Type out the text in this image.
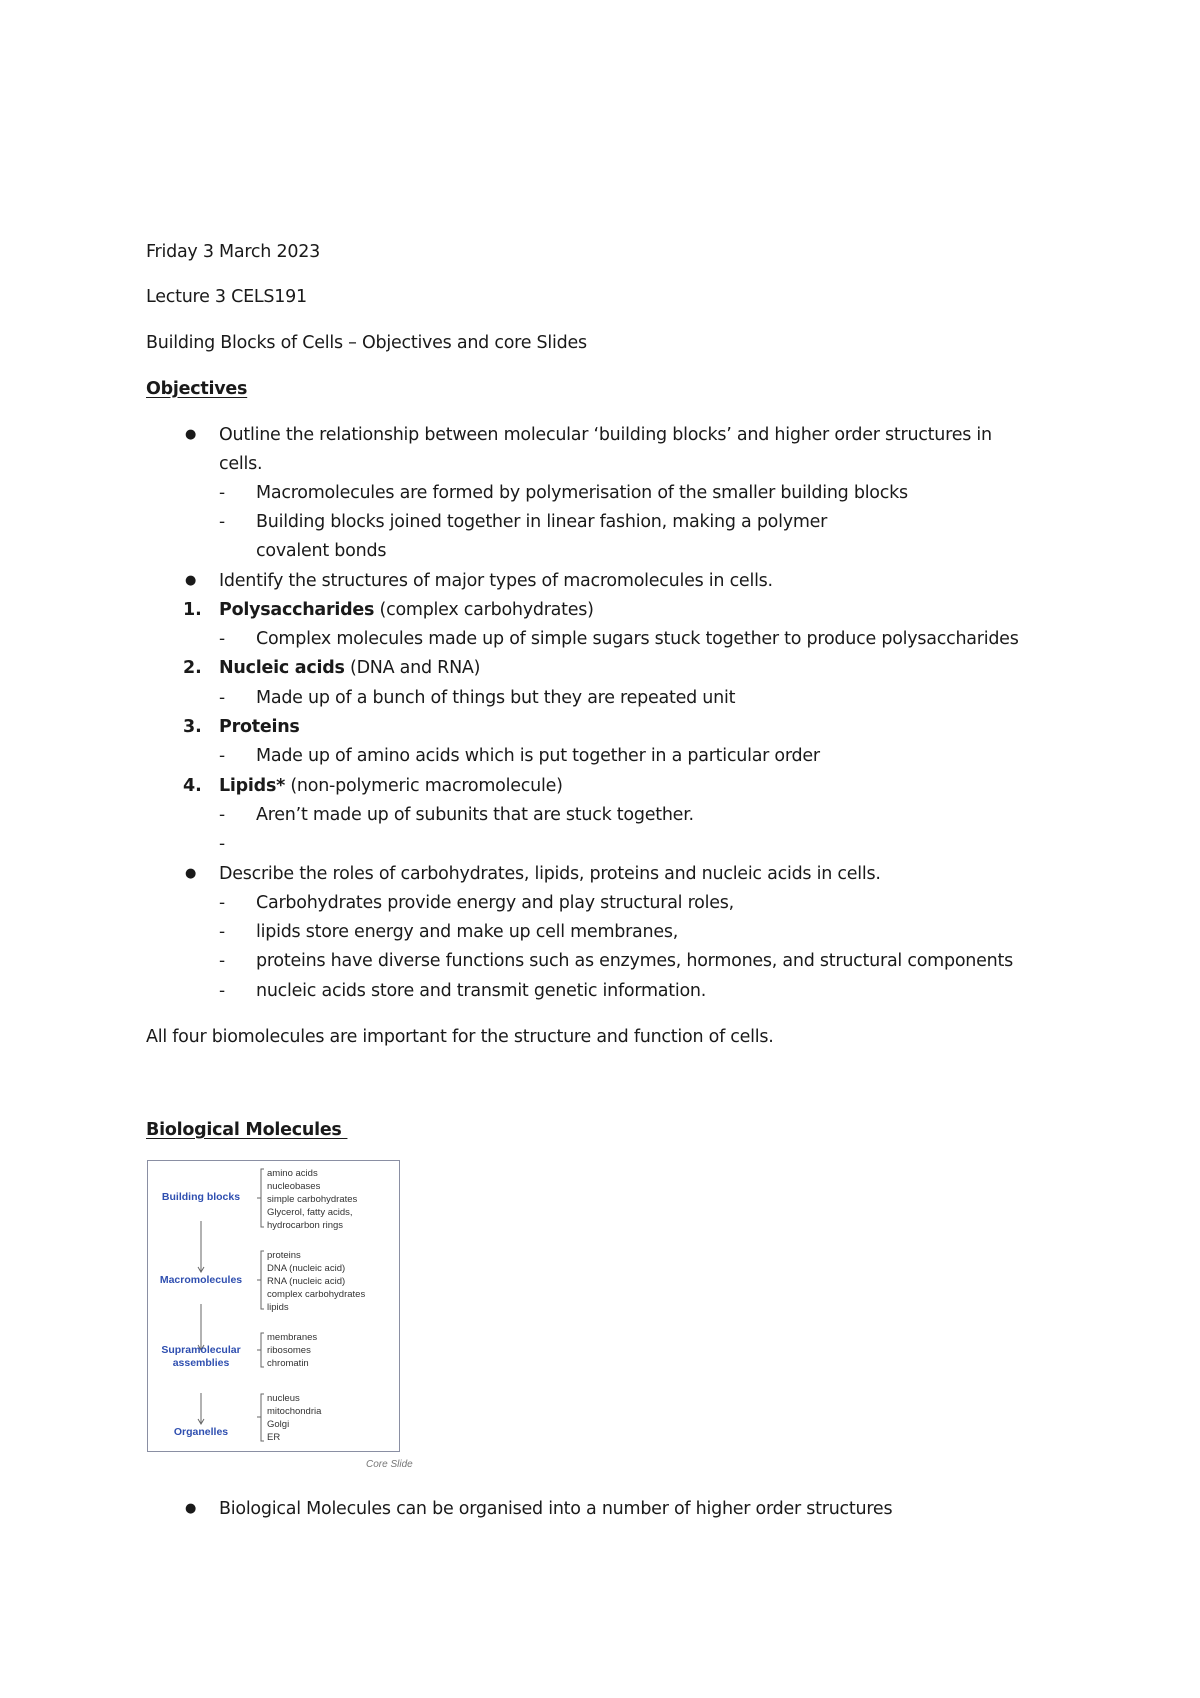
Friday 3 March 2023
Lecture 3 CELS191
Building Blocks of Cells – Objectives and core Slides
Objectives
● Outline the relationship between molecular ‘building blocks’ and higher order structures in
cells.
- Macromolecules are formed by polymerisation of the smaller building blocks
- Building blocks joined together in linear fashion, making a polymer
covalent bonds
● Identify the structures of major types of macromolecules in cells.
1. Polysaccharides (complex carbohydrates)
- Complex molecules made up of simple sugars stuck together to produce polysaccharides
2. Nucleic acids (DNA and RNA)
- Made up of a bunch of things but they are repeated unit
3. Proteins
- Made up of amino acids which is put together in a particular order
4. Lipids* (non-polymeric macromolecule)
- Aren’t made up of subunits that are stuck together.
-
● Describe the roles of carbohydrates, lipids, proteins and nucleic acids in cells.
- Carbohydrates provide energy and play structural roles,
- lipids store energy and make up cell membranes,
- proteins have diverse functions such as enzymes, hormones, and structural components
- nucleic acids store and transmit genetic information.
All four biomolecules are important for the structure and function of cells.
Biological Molecules
Building blocks
Macromolecules
Supramolecular
assemblies
Organelles
amino acids
nucleobases
simple carbohydrates
Glycerol, fatty acids,
hydrocarbon rings
proteins
DNA (nucleic acid)
RNA (nucleic acid)
complex carbohydrates
lipids
membranes
ribosomes
chromatin
nucleus
mitochondria
Golgi
ER
Core Slide
● Biological Molecules can be organised into a number of higher order structures
